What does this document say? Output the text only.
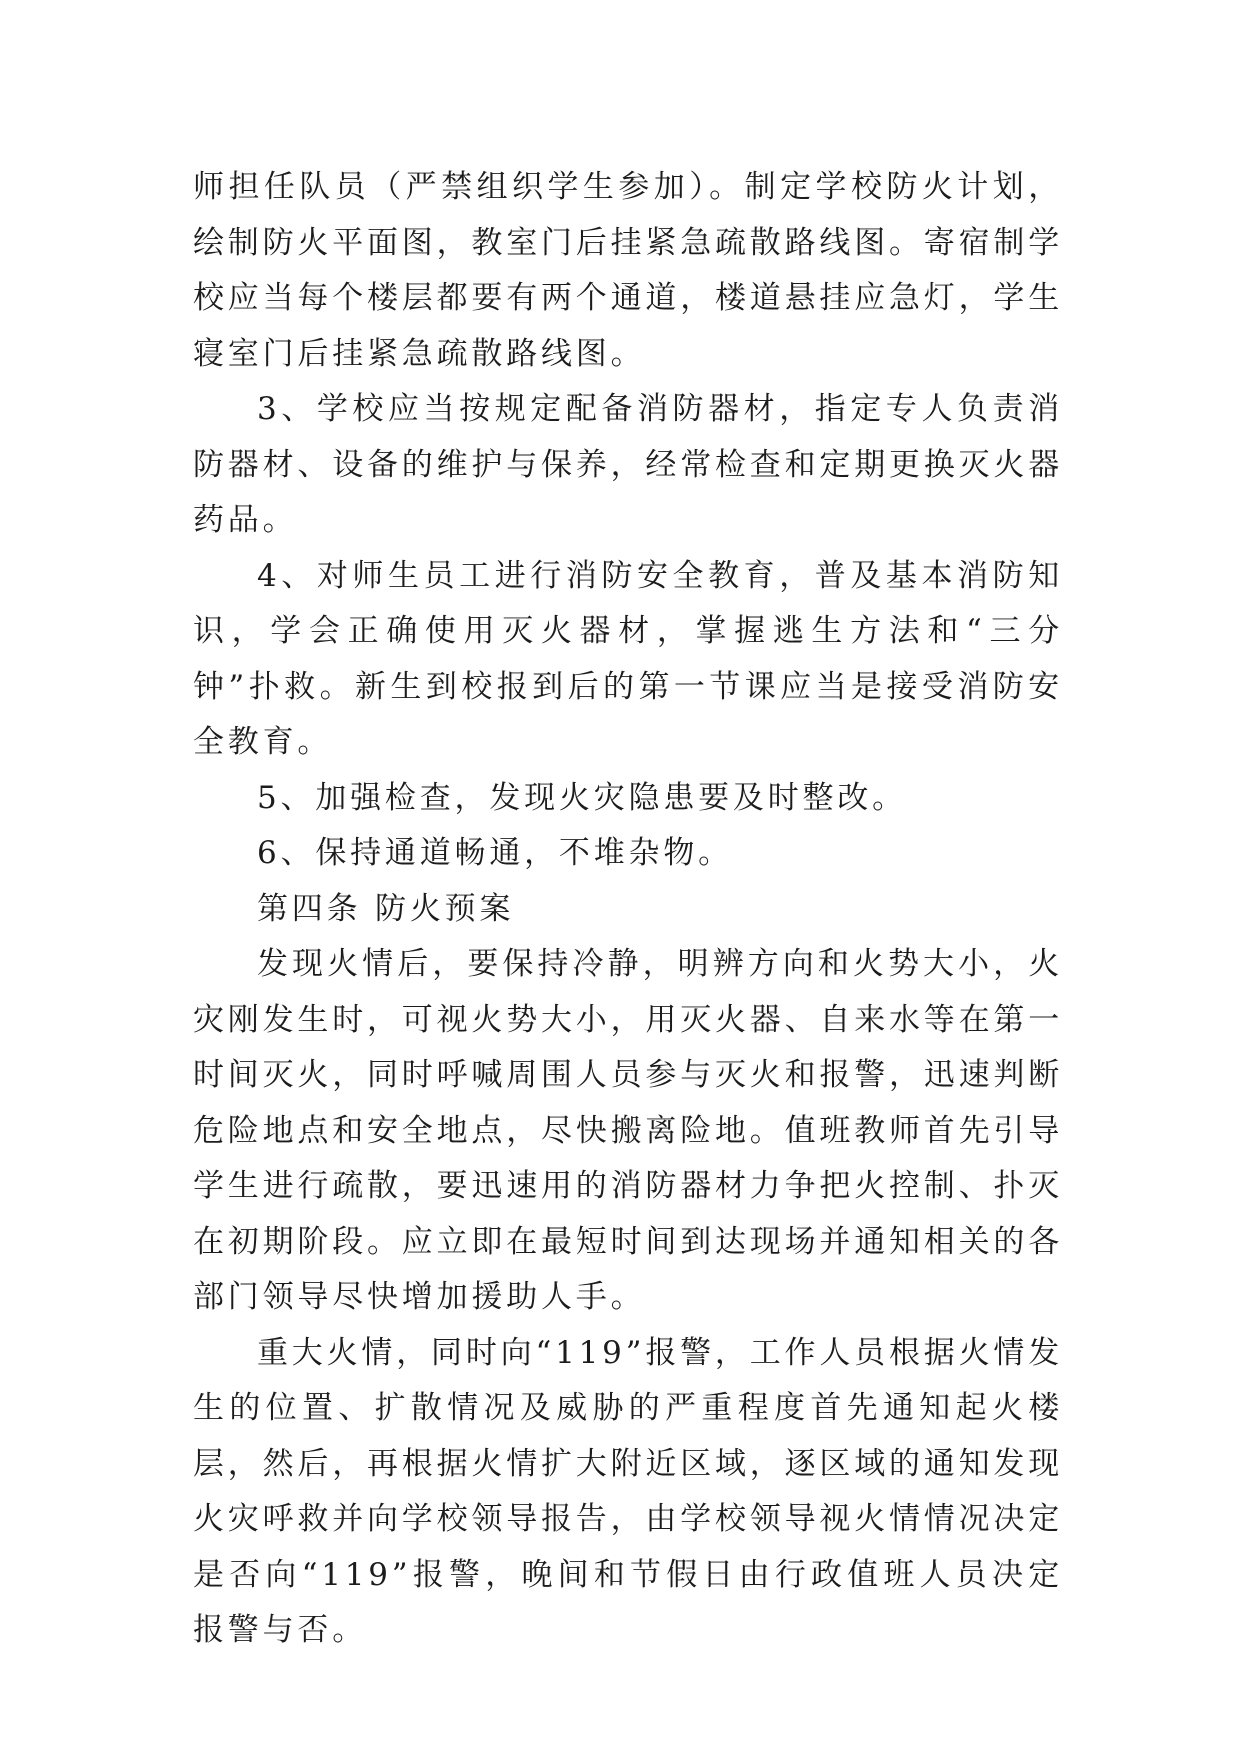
师担任队员（严禁组织学生参加）。制定学校防火计划，绘制防火平面图，教室门后挂紧急疏散路线图。寄宿制学校应当每个楼层都要有两个通道，楼道悬挂应急灯，学生寝室门后挂紧急疏散路线图。

3、学校应当按规定配备消防器材，指定专人负责消防器材、设备的维护与保养，经常检查和定期更换灭火器药品。

4、对师生员工进行消防安全教育，普及基本消防知识，学会正确使用灭火器材，掌握逃生方法和“三分钟”扑救。新生到校报到后的第一节课应当是接受消防安全教育。

5、加强检查，发现火灾隐患要及时整改。

6、保持通道畅通，不堆杂物。

第四条 防火预案

发现火情后，要保持冷静，明辨方向和火势大小，火灾刚发生时，可视火势大小，用灭火器、自来水等在第一时间灭火，同时呼喊周围人员参与灭火和报警，迅速判断危险地点和安全地点，尽快搬离险地。值班教师首先引导学生进行疏散，要迅速用的消防器材力争把火控制、扑灭在初期阶段。应立即在最短时间到达现场并通知相关的各部门领导尽快增加援助人手。

重大火情，同时向“119”报警，工作人员根据火情发生的位置、扩散情况及威胁的严重程度首先通知起火楼层，然后，再根据火情扩大附近区域，逐区域的通知发现火灾呼救并向学校领导报告，由学校领导视火情情况决定是否向“119”报警，晚间和节假日由行政值班人员决定报警与否。
